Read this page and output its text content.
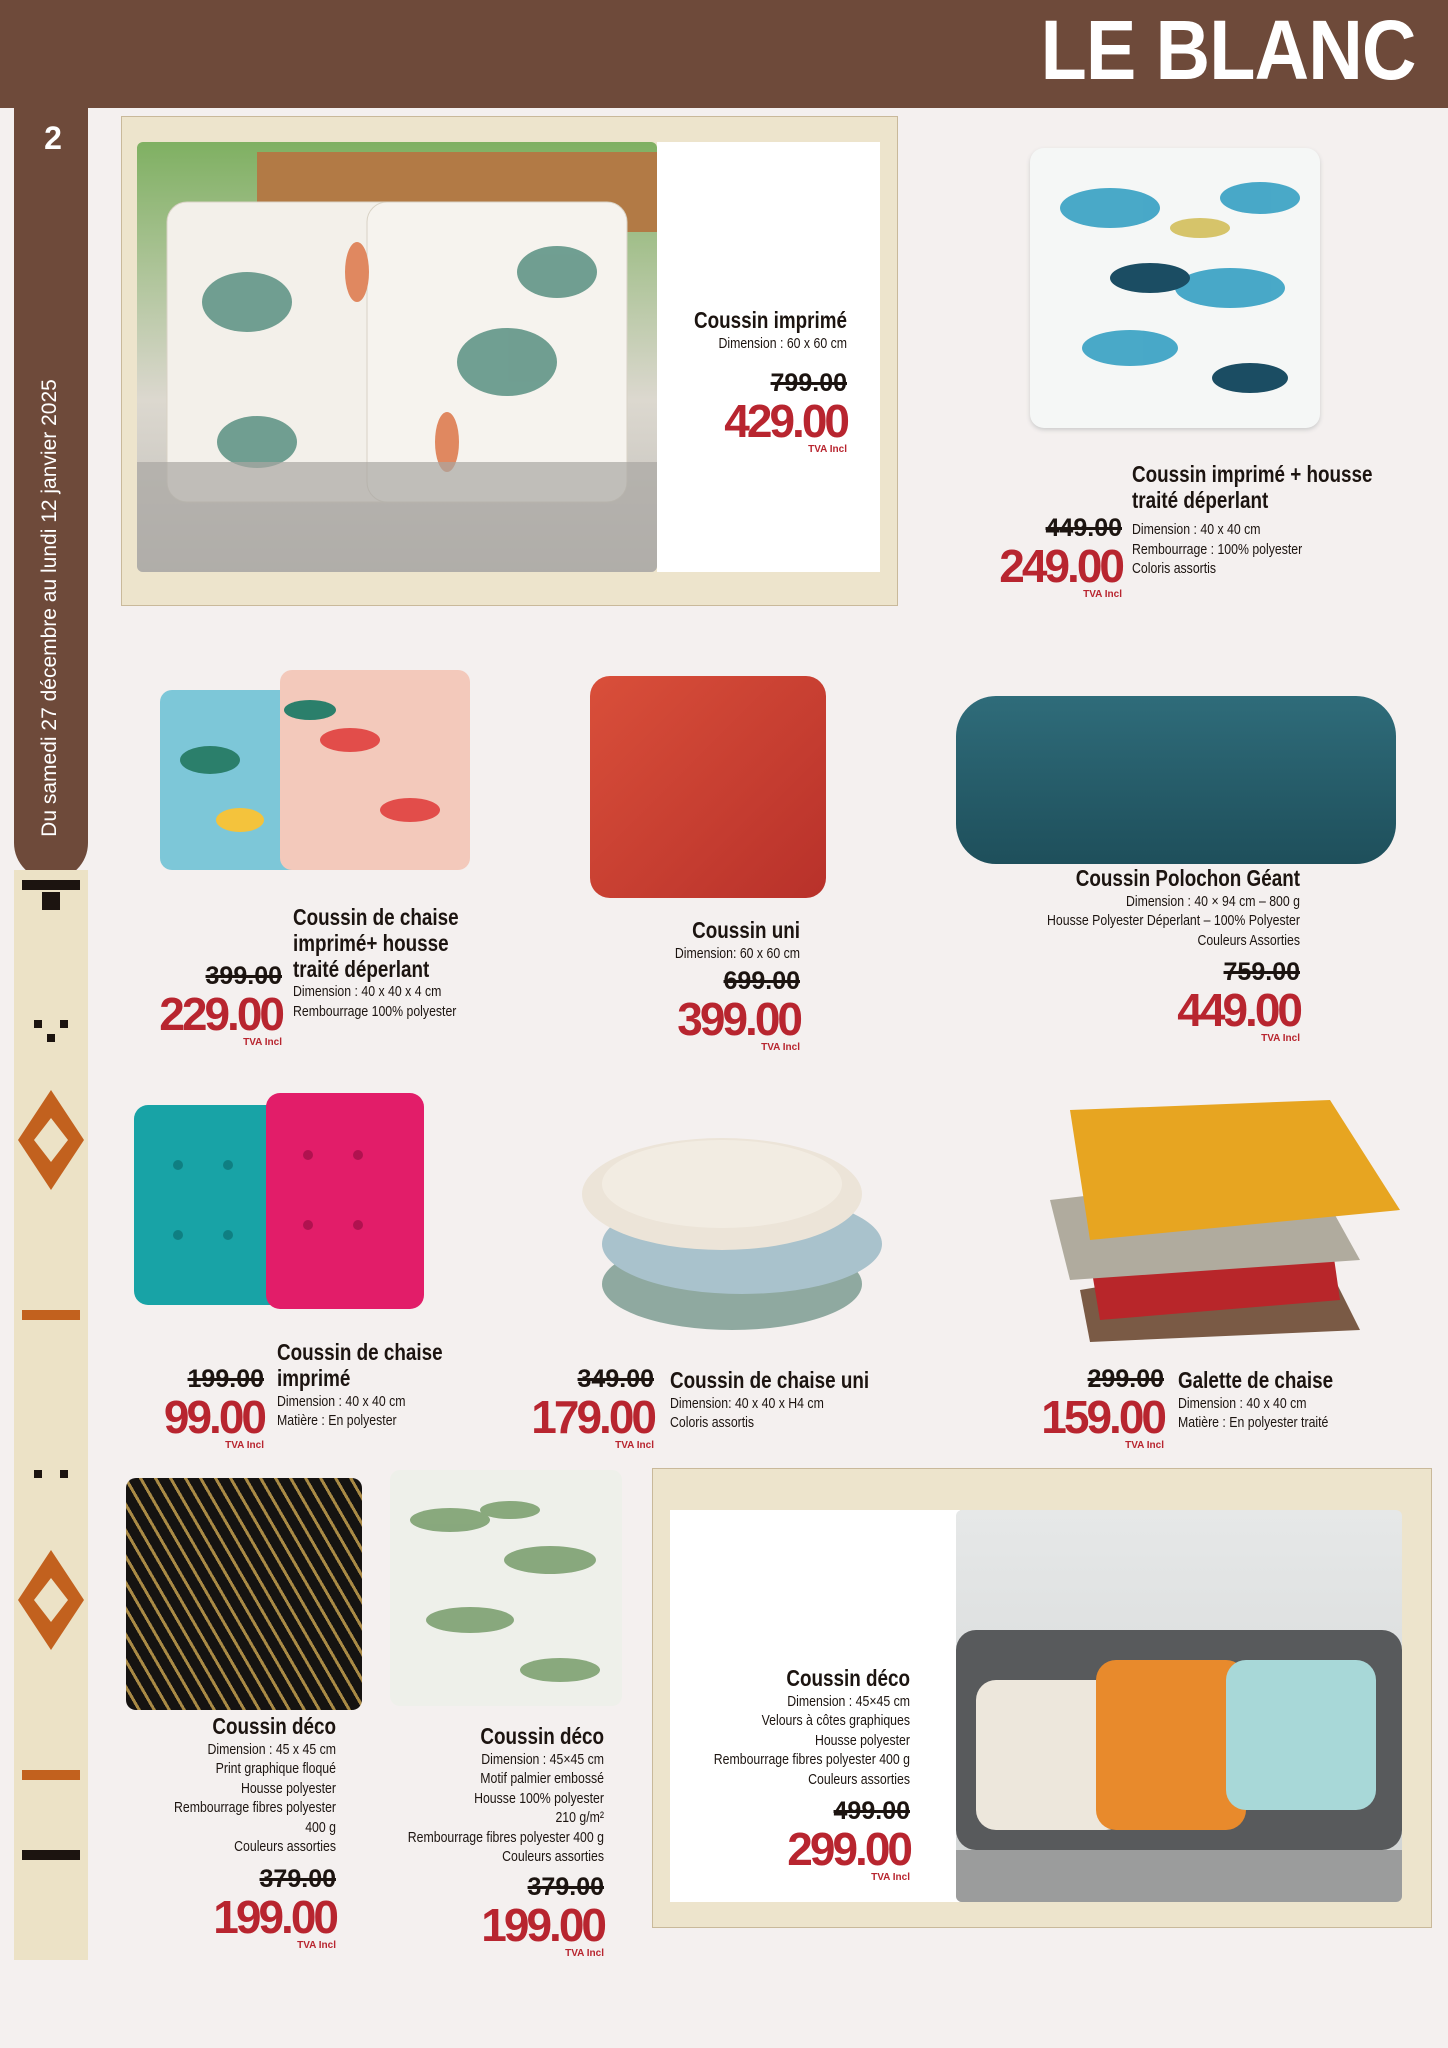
LE BLANC
2
Du samedi 27 décembre au lundi 12 janvier 2025
Coussin imprimé
Dimension : 60 x 60 cm
799.00
429.00
TVA Incl
Coussin imprimé + housse traité déperlant
Dimension : 40 x 40 cm
Rembourrage : 100% polyester
Coloris assortis
449.00
249.00
TVA Incl
Coussin de chaise imprimé+ housse traité déperlant
Dimension : 40 x 40 x 4 cm
Rembourrage 100% polyester
399.00
229.00
TVA Incl
Coussin uni
Dimension: 60 x 60 cm
699.00
399.00
TVA Incl
Coussin Polochon Géant
Dimension : 40 × 94 cm – 800 g
Housse Polyester Déperlant – 100% Polyester
Couleurs Assorties
759.00
449.00
TVA Incl
Coussin de chaise imprimé
Dimension : 40 x 40 cm
Matière : En polyester
199.00
99.00
TVA Incl
349.00
179.00
TVA Incl
Coussin de chaise uni
Dimension: 40 x 40 x H4 cm
Coloris assortis
299.00
159.00
TVA Incl
Galette de chaise
Dimension : 40 x 40 cm
Matière : En polyester traité
Coussin déco
Dimension : 45 x 45 cm
Print graphique floqué
Housse polyester
Rembourrage fibres polyester
400 g
Couleurs assorties
379.00
199.00
TVA Incl
Coussin déco
Dimension : 45×45 cm
Motif palmier embossé
Housse 100% polyester
210 g/m²
Rembourrage fibres polyester 400 g
Couleurs assorties
379.00
199.00
TVA Incl
Coussin déco
Dimension : 45×45 cm
Velours à côtes graphiques
Housse polyester
Rembourrage fibres polyester 400 g
Couleurs assorties
499.00
299.00
TVA Incl
